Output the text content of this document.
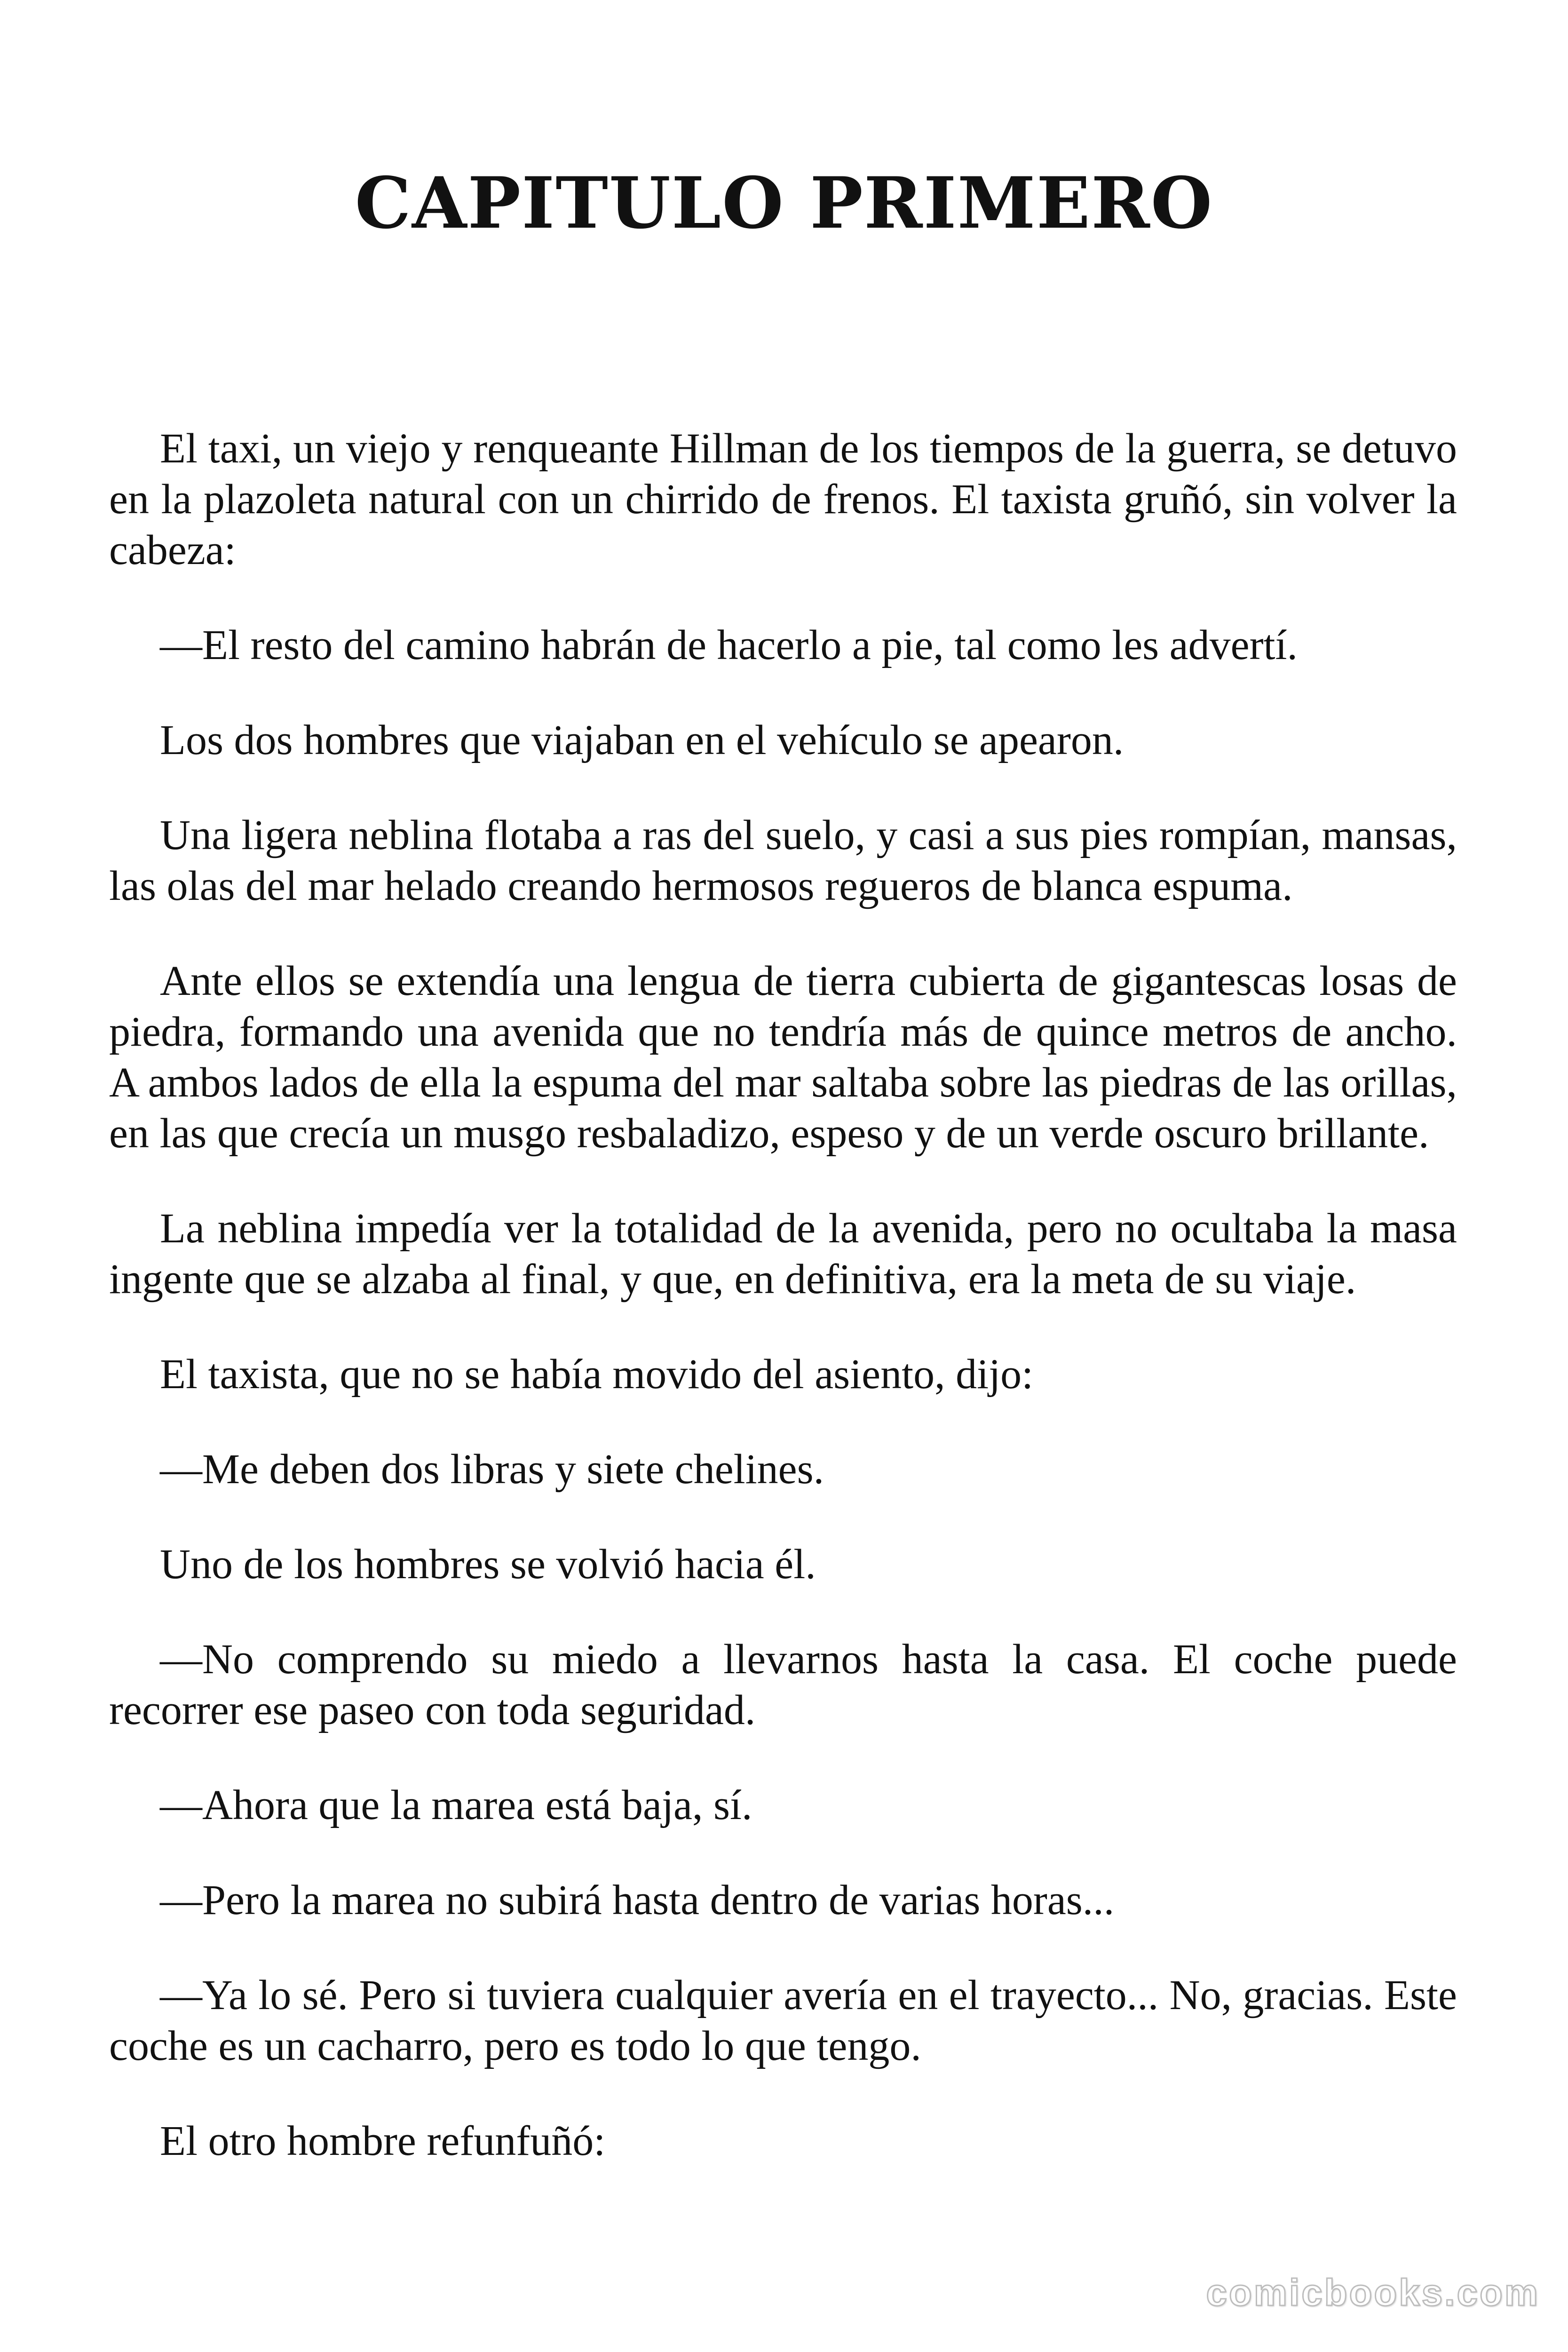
CAPITULO PRIMERO

El taxi, un viejo y renqueante Hillman de los tiempos de la guerra, se detuvo en la plazoleta natural con un chirrido de frenos. El taxista gruñó, sin volver la cabeza:

—El resto del camino habrán de hacerlo a pie, tal como les advertí.

Los dos hombres que viajaban en el vehículo se apearon.

Una ligera neblina flotaba a ras del suelo, y casi a sus pies rompían, mansas, las olas del mar helado creando hermosos regueros de blanca espuma.

Ante ellos se extendía una lengua de tierra cubierta de gigantescas losas de piedra, formando una avenida que no tendría más de quince metros de ancho. A ambos lados de ella la espuma del mar saltaba sobre las piedras de las orillas, en las que crecía un musgo resbaladizo, espeso y de un verde oscuro brillante.

La neblina impedía ver la totalidad de la avenida, pero no ocultaba la masa ingente que se alzaba al final, y que, en definitiva, era la meta de su viaje.

El taxista, que no se había movido del asiento, dijo:

—Me deben dos libras y siete chelines.

Uno de los hombres se volvió hacia él.

—No comprendo su miedo a llevarnos hasta la casa. El coche puede recorrer ese paseo con toda seguridad.

—Ahora que la marea está baja, sí.

—Pero la marea no subirá hasta dentro de varias horas...

—Ya lo sé. Pero si tuviera cualquier avería en el trayecto... No, gracias. Este coche es un cacharro, pero es todo lo que tengo.

El otro hombre refunfuñó:

comicbooks.com
